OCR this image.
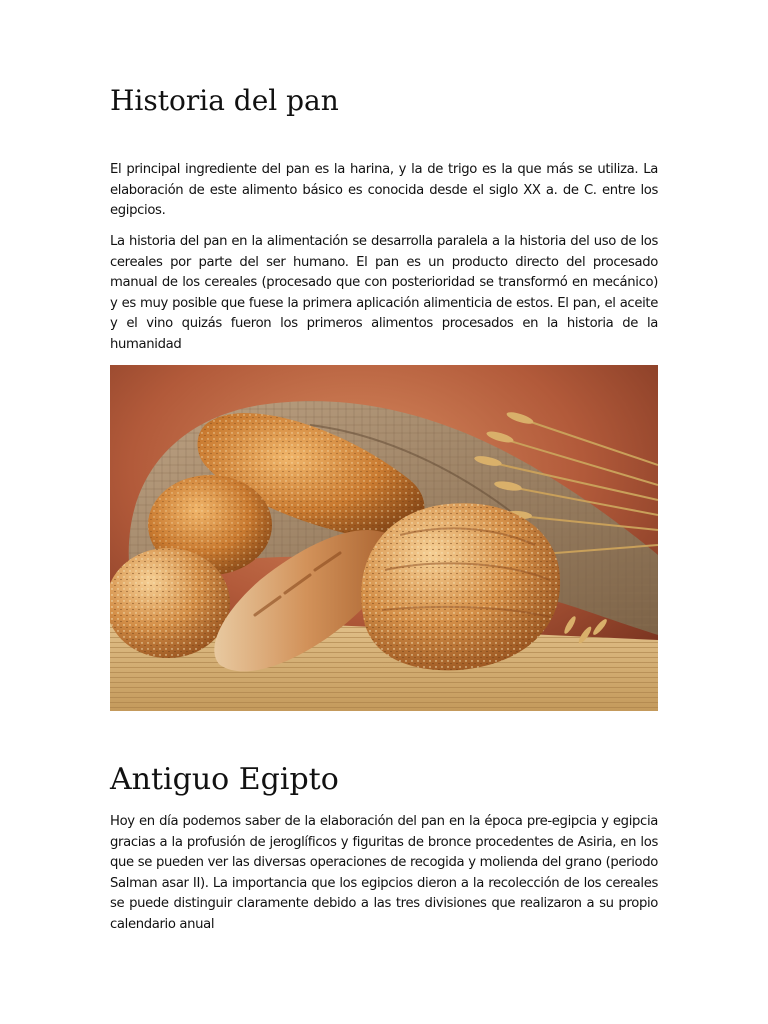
Historia del pan

El principal ingrediente del pan es la harina, y la de trigo es la que más se utiliza. La elaboración de este alimento básico es conocida desde el siglo XX a. de C. entre los egipcios.

La historia del pan en la alimentación se desarrolla paralela a la historia del uso de los cereales por parte del ser humano. El pan es un producto directo del procesado manual de los cereales (procesado que con posterioridad se transformó en mecánico) y es muy posible que fuese la primera aplicación alimenticia de estos. El pan, el aceite y el vino quizás fueron los primeros alimentos procesados en la historia de la humanidad

Antiguo Egipto

Hoy en día podemos saber de la elaboración del pan en la época pre-egipcia y egipcia gracias a la profusión de jeroglíficos y figuritas de bronce procedentes de Asiria, en los que se pueden ver las diversas operaciones de recogida y molienda del grano (periodo Salman asar II). La importancia que los egipcios dieron a la recolección de los cereales se puede distinguir claramente debido a las tres divisiones que realizaron a su propio calendario anual
